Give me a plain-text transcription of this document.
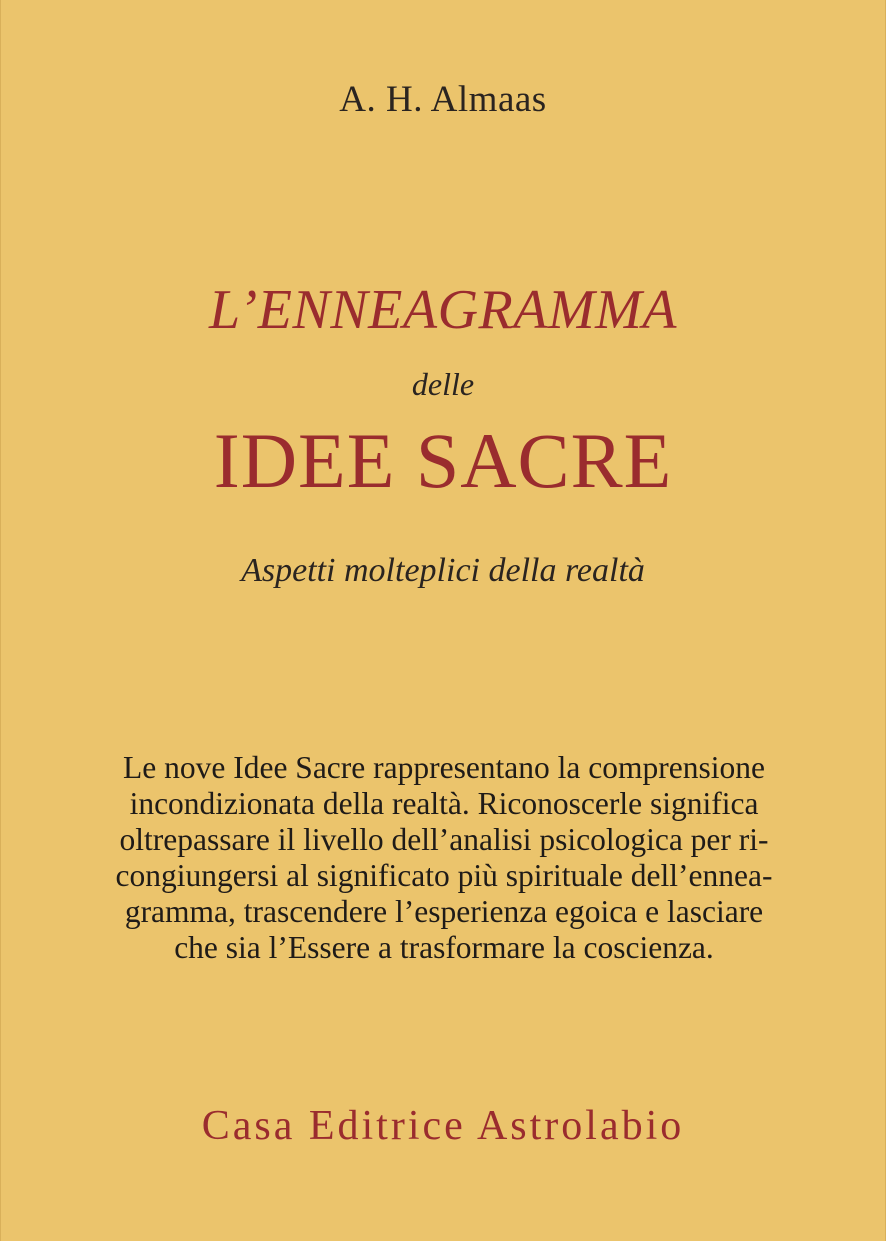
A. H. Almaas
L’ENNEAGRAMMA
delle
IDEE SACRE
Aspetti molteplici della realtà
Le nove Idee Sacre rappresentano la comprensione
incondizionata della realtà. Riconoscerle significa
oltrepassare il livello dell’analisi psicologica per ri-
congiungersi al significato più spirituale dell’ennea-
gramma, trascendere l’esperienza egoica e lasciare
che sia l’Essere a trasformare la coscienza.
Casa Editrice Astrolabio
